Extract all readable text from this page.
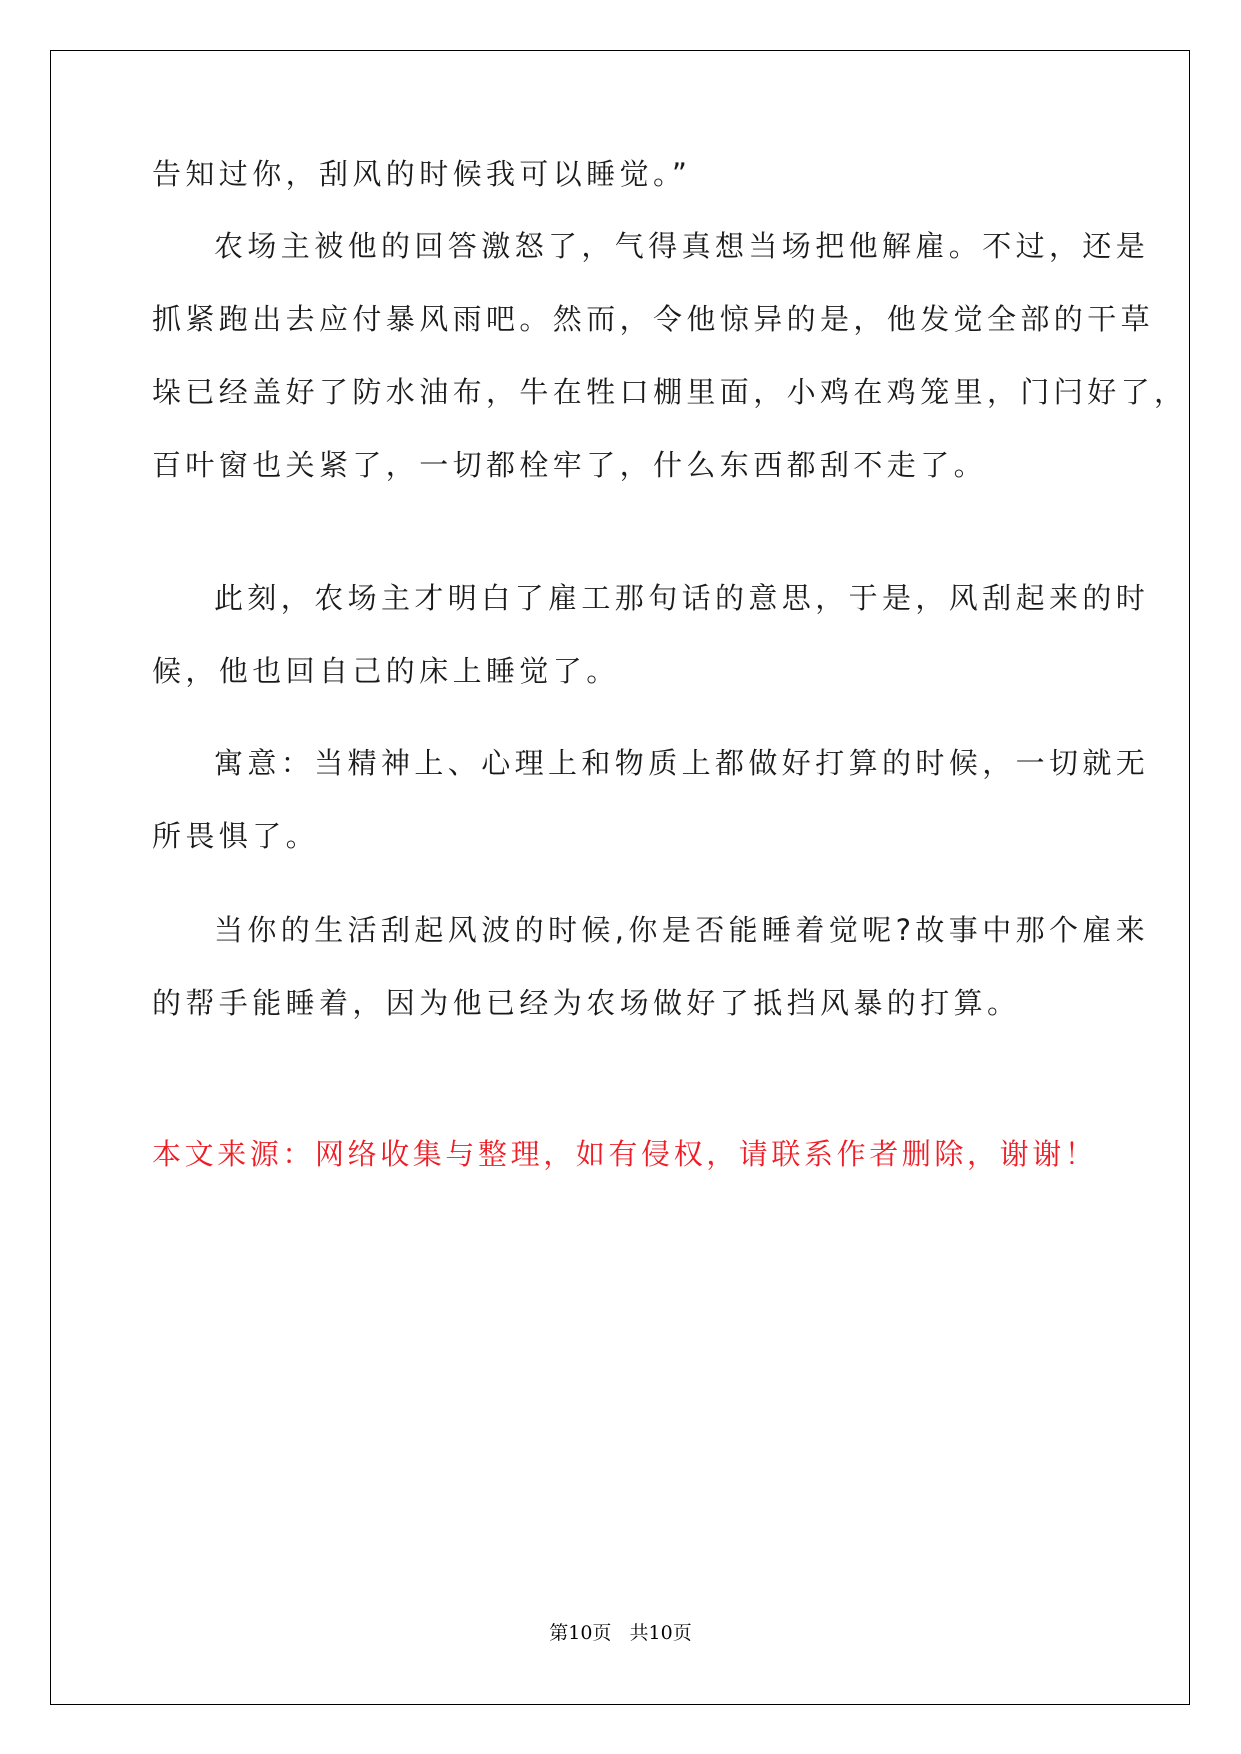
告知过你，刮风的时候我可以睡觉。”
农场主被他的回答激怒了，气得真想当场把他解雇。不过，还是
抓紧跑出去应付暴风雨吧。然而，令他惊异的是，他发觉全部的干草
垛已经盖好了防水油布，牛在牲口棚里面，小鸡在鸡笼里，门闩好了，
百叶窗也关紧了，一切都栓牢了，什么东西都刮不走了。
此刻，农场主才明白了雇工那句话的意思，于是，风刮起来的时
候，他也回自己的床上睡觉了。
寓意：当精神上、心理上和物质上都做好打算的时候，一切就无
所畏惧了。
当你的生活刮起风波的时候,你是否能睡着觉呢?故事中那个雇来
的帮手能睡着，因为他已经为农场做好了抵挡风暴的打算。
本文来源：网络收集与整理，如有侵权，请联系作者删除，谢谢！
第10页   共10页
